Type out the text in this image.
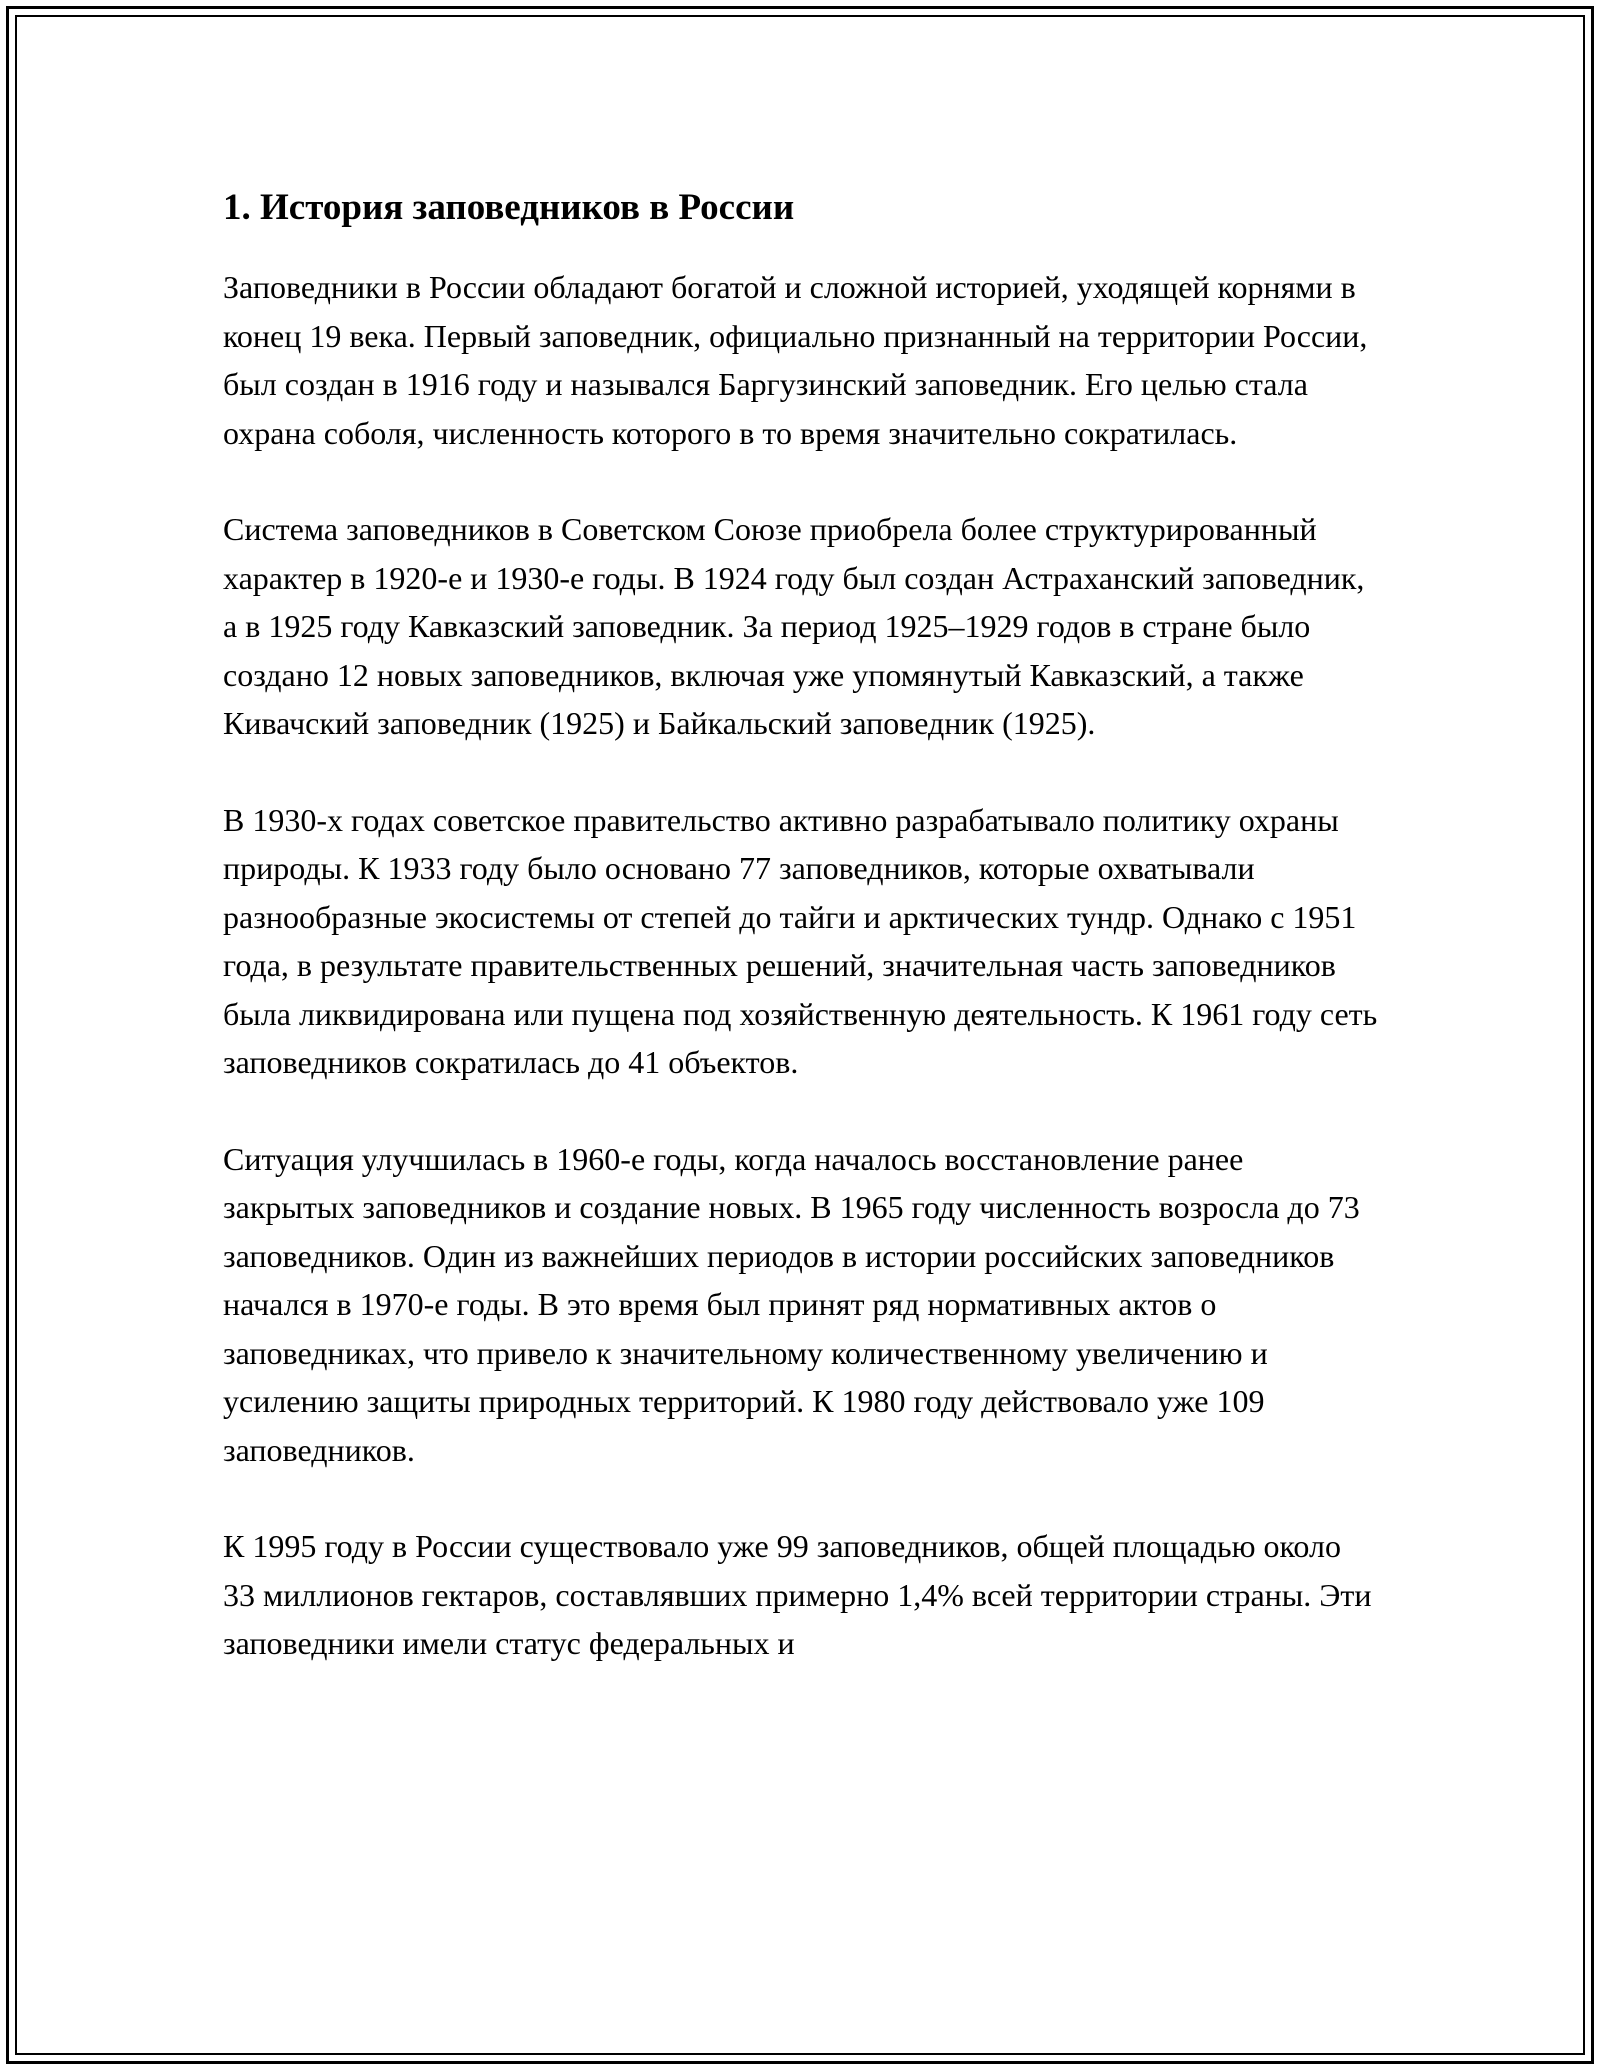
1. История заповедников в России

Заповедники в России обладают богатой и сложной историей, уходящей корнями в конец 19 века. Первый заповедник, официально признанный на территории России, был создан в 1916 году и назывался Баргузинский заповедник. Его целью стала охрана соболя, численность которого в то время значительно сократилась.

Система заповедников в Советском Союзе приобрела более структурированный характер в 1920-е и 1930-е годы. В 1924 году был создан Астраханский заповедник, а в 1925 году Кавказский заповедник. За период 1925–1929 годов в стране было создано 12 новых заповедников, включая уже упомянутый Кавказский, а также Кивачский заповедник (1925) и Байкальский заповедник (1925).

В 1930-х годах советское правительство активно разрабатывало политику охраны природы. К 1933 году было основано 77 заповедников, которые охватывали разнообразные экосистемы от степей до тайги и арктических тундр. Однако с 1951 года, в результате правительственных решений, значительная часть заповедников была ликвидирована или пущена под хозяйственную деятельность. К 1961 году сеть заповедников сократилась до 41 объектов.

Ситуация улучшилась в 1960-е годы, когда началось восстановление ранее закрытых заповедников и создание новых. В 1965 году численность возросла до 73 заповедников. Один из важнейших периодов в истории российских заповедников начался в 1970-е годы. В это время был принят ряд нормативных актов о заповедниках, что привело к значительному количественному увеличению и усилению защиты природных территорий. К 1980 году действовало уже 109 заповедников.

К 1995 году в России существовало уже 99 заповедников, общей площадью около 33 миллионов гектаров, составлявших примерно 1,4% всей территории страны. Эти заповедники имели статус федеральных и
